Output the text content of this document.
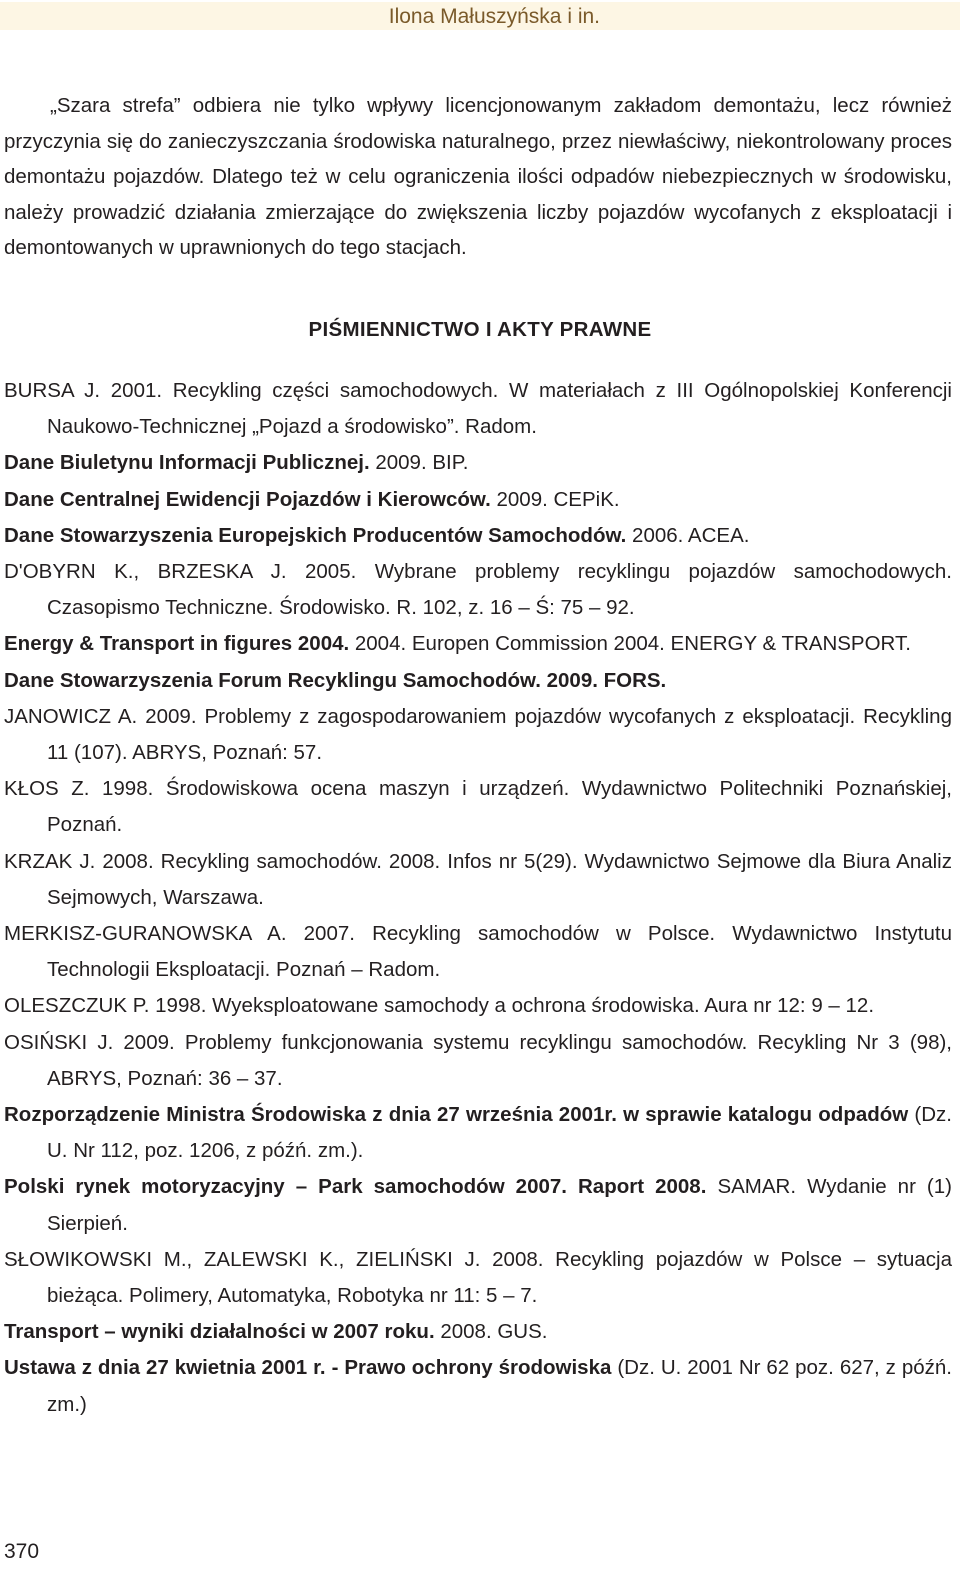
Ilona Małuszyńska i in.

„Szara strefa” odbiera nie tylko wpływy licencjonowanym zakładom demontażu, lecz również przyczynia się do zanieczyszczania środowiska naturalnego, przez niewłaściwy, niekontrolowany proces demontażu pojazdów. Dlatego też w celu ograniczenia ilości odpadów niebezpiecznych w środowisku, należy prowadzić działania zmierzające do zwiększenia liczby pojazdów wycofanych z eksploatacji i demontowanych w uprawnionych do tego stacjach.

PIŚMIENNICTWO I AKTY PRAWNE

BURSA J. 2001. Recykling części samochodowych. W materiałach z III Ogólnopolskiej Konferencji Naukowo-Technicznej „Pojazd a środowisko”. Radom.

Dane Biuletynu Informacji Publicznej. 2009. BIP.

Dane Centralnej Ewidencji Pojazdów i Kierowców. 2009. CEPiK.

Dane Stowarzyszenia Europejskich Producentów Samochodów. 2006. ACEA.

D'OBYRN K., BRZESKA J. 2005. Wybrane problemy recyklingu pojazdów samochodowych. Czasopismo Techniczne. Środowisko. R. 102, z. 16 – Ś: 75 – 92.

Energy & Transport in figures 2004. 2004. Europen Commission 2004. ENERGY & TRANSPORT.

Dane Stowarzyszenia Forum Recyklingu Samochodów. 2009. FORS.

JANOWICZ A. 2009. Problemy z zagospodarowaniem pojazdów wycofanych z eksploatacji. Recykling 11 (107). ABRYS, Poznań: 57.

KŁOS Z. 1998. Środowiskowa ocena maszyn i urządzeń. Wydawnictwo Politechniki Poznańskiej, Poznań.

KRZAK J. 2008. Recykling samochodów. 2008. Infos nr 5(29). Wydawnictwo Sejmowe dla Biura Analiz Sejmowych, Warszawa.

MERKISZ-GURANOWSKA A. 2007. Recykling samochodów w Polsce. Wydawnictwo Instytutu Technologii Eksploatacji. Poznań – Radom.

OLESZCZUK P. 1998. Wyeksploatowane samochody a ochrona środowiska. Aura nr 12: 9 – 12.

OSIŃSKI J. 2009. Problemy funkcjonowania systemu recyklingu samochodów. Recykling Nr 3 (98), ABRYS, Poznań: 36 – 37.

Rozporządzenie Ministra Środowiska z dnia 27 września 2001r. w sprawie katalogu odpadów (Dz. U. Nr 112, poz. 1206, z późń. zm.).

Polski rynek motoryzacyjny – Park samochodów 2007. Raport 2008. SAMAR. Wydanie nr (1) Sierpień.

SŁOWIKOWSKI M., ZALEWSKI K., ZIELIŃSKI J. 2008. Recykling pojazdów w Polsce – sytuacja bieżąca. Polimery, Automatyka, Robotyka nr 11: 5 – 7.

Transport – wyniki działalności w 2007 roku. 2008. GUS.

Ustawa z dnia 27 kwietnia 2001 r. - Prawo ochrony środowiska (Dz. U. 2001 Nr 62 poz. 627, z późń. zm.)

370
